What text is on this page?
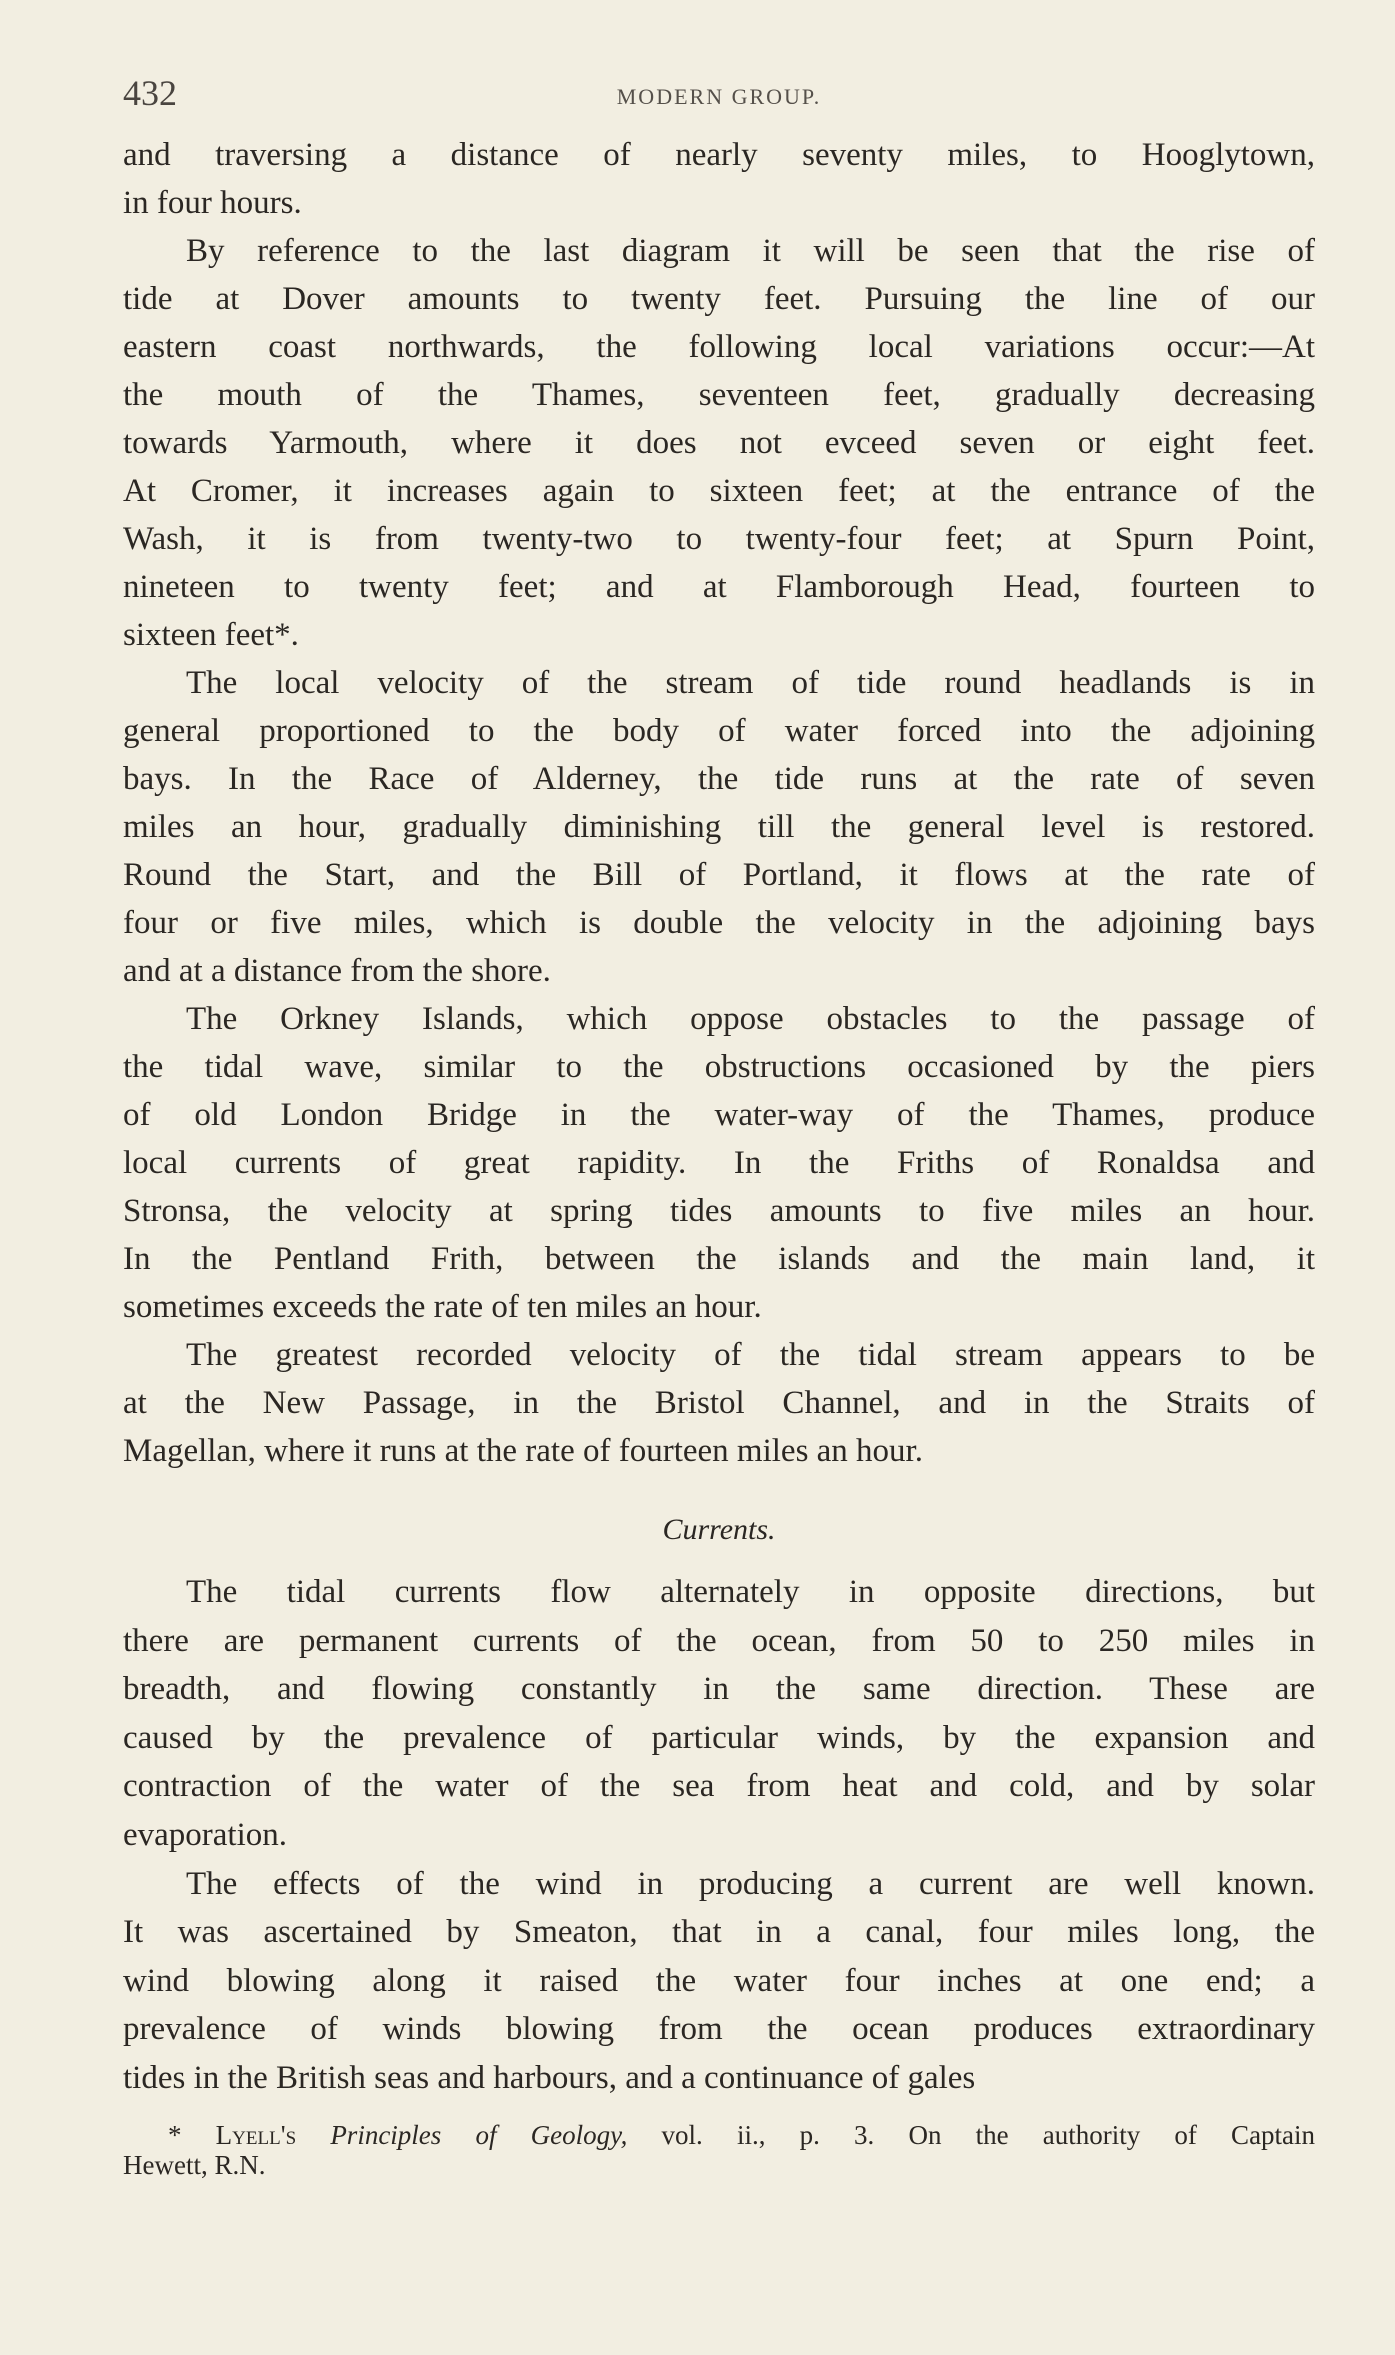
432	MODERN GROUP.
and traversing a distance of nearly seventy miles, to Hooglytown,
in four hours.
By reference to the last diagram it will be seen that the rise of
tide at Dover amounts to twenty feet. Pursuing the line of our
eastern coast northwards, the following local variations occur:—At
the mouth of the Thames, seventeen feet, gradually decreasing
towards Yarmouth, where it does not evceed seven or eight feet.
At Cromer, it increases again to sixteen feet; at the entrance of the
Wash, it is from twenty-two to twenty-four feet; at Spurn Point,
nineteen to twenty feet; and at Flamborough Head, fourteen to
sixteen feet*.
The local velocity of the stream of tide round headlands is in
general proportioned to the body of water forced into the adjoining
bays. In the Race of Alderney, the tide runs at the rate of seven
miles an hour, gradually diminishing till the general level is restored.
Round the Start, and the Bill of Portland, it flows at the rate of
four or five miles, which is double the velocity in the adjoining bays
and at a distance from the shore.
The Orkney Islands, which oppose obstacles to the passage of
the tidal wave, similar to the obstructions occasioned by the piers
of old London Bridge in the water-way of the Thames, produce
local currents of great rapidity. In the Friths of Ronaldsa and
Stronsa, the velocity at spring tides amounts to five miles an hour.
In the Pentland Frith, between the islands and the main land, it
sometimes exceeds the rate of ten miles an hour.
The greatest recorded velocity of the tidal stream appears to be
at the New Passage, in the Bristol Channel, and in the Straits of
Magellan, where it runs at the rate of fourteen miles an hour.
Currents.
The tidal currents flow alternately in opposite directions, but
there are permanent currents of the ocean, from 50 to 250 miles in
breadth, and flowing constantly in the same direction. These are
caused by the prevalence of particular winds, by the expansion and
contraction of the water of the sea from heat and cold, and by solar
evaporation.
The effects of the wind in producing a current are well known.
It was ascertained by Smeaton, that in a canal, four miles long, the
wind blowing along it raised the water four inches at one end; a
prevalence of winds blowing from the ocean produces extraordinary
tides in the British seas and harbours, and a continuance of gales
* Lyell's Principles of Geology, vol. ii., p. 3. On the authority of Captain
Hewett, R.N.
